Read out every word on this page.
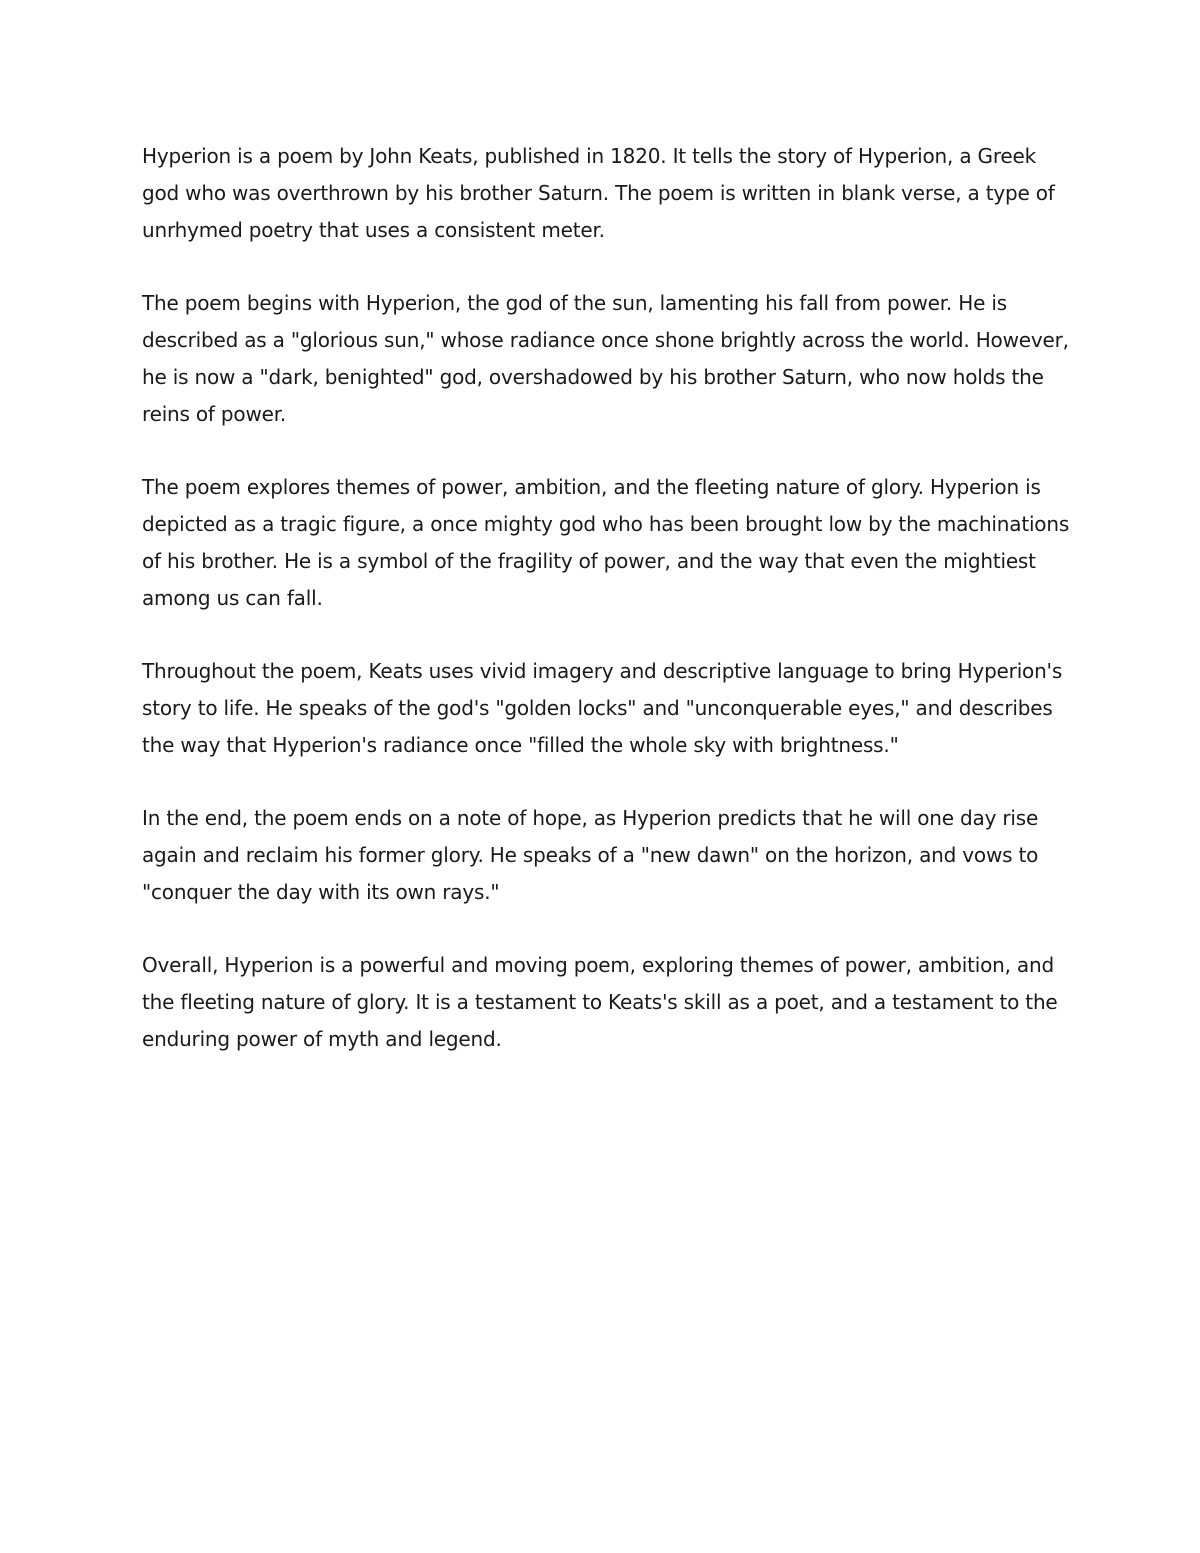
Hyperion is a poem by John Keats, published in 1820. It tells the story of Hyperion, a Greek god who was overthrown by his brother Saturn. The poem is written in blank verse, a type of unrhymed poetry that uses a consistent meter.

The poem begins with Hyperion, the god of the sun, lamenting his fall from power. He is described as a "glorious sun," whose radiance once shone brightly across the world. However, he is now a "dark, benighted" god, overshadowed by his brother Saturn, who now holds the reins of power.

The poem explores themes of power, ambition, and the fleeting nature of glory. Hyperion is depicted as a tragic figure, a once mighty god who has been brought low by the machinations of his brother. He is a symbol of the fragility of power, and the way that even the mightiest among us can fall.

Throughout the poem, Keats uses vivid imagery and descriptive language to bring Hyperion's story to life. He speaks of the god's "golden locks" and "unconquerable eyes," and describes the way that Hyperion's radiance once "filled the whole sky with brightness."

In the end, the poem ends on a note of hope, as Hyperion predicts that he will one day rise again and reclaim his former glory. He speaks of a "new dawn" on the horizon, and vows to "conquer the day with its own rays."

Overall, Hyperion is a powerful and moving poem, exploring themes of power, ambition, and the fleeting nature of glory. It is a testament to Keats's skill as a poet, and a testament to the enduring power of myth and legend.
